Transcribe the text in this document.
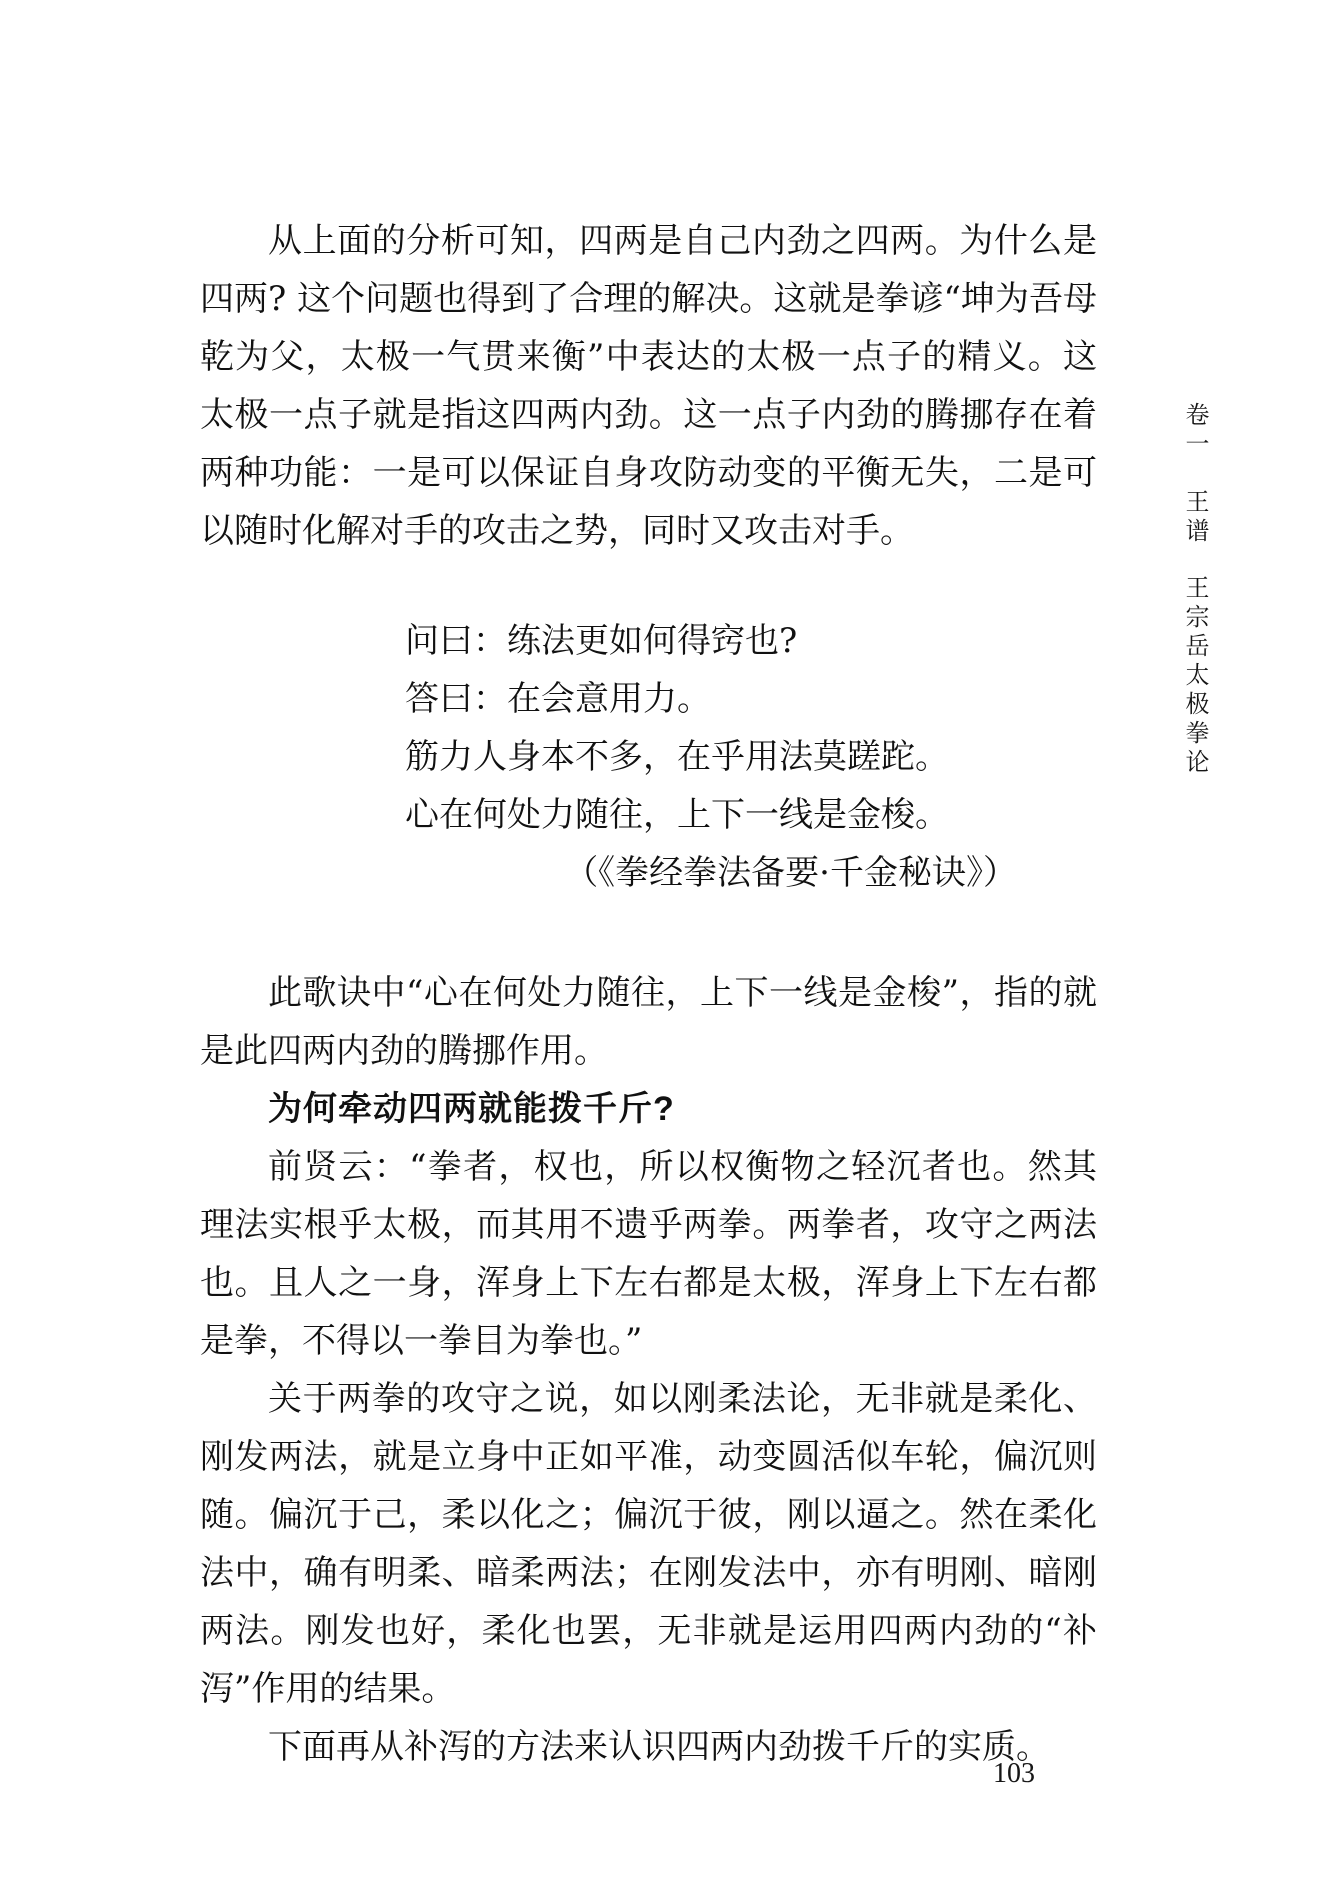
从上面的分析可知，四两是自己内劲之四两。为什么是四两? 这个问题也得到了合理的解决。这就是拳谚“坤为吾母乾为父，太极一气贯来衡”中表达的太极一点子的精义。这太极一点子就是指这四两内劲。这一点子内劲的腾挪存在着两种功能：一是可以保证自身攻防动变的平衡无失，二是可以随时化解对手的攻击之势，同时又攻击对手。

问曰：练法更如何得窍也?
答曰：在会意用力。
筋力人身本不多，在乎用法莫蹉跎。
心在何处力随往，上下一线是金梭。
（《拳经拳法备要·千金秘诀》）

此歌诀中“心在何处力随往，上下一线是金梭”，指的就是此四两内劲的腾挪作用。

为何牵动四两就能拨千斤?

前贤云：“拳者，权也，所以权衡物之轻沉者也。然其理法实根乎太极，而其用不遗乎两拳。两拳者，攻守之两法也。且人之一身，浑身上下左右都是太极，浑身上下左右都是拳，不得以一拳目为拳也。”

关于两拳的攻守之说，如以刚柔法论，无非就是柔化、刚发两法，就是立身中正如平准，动变圆活似车轮，偏沉则随。偏沉于己，柔以化之；偏沉于彼，刚以逼之。然在柔化法中，确有明柔、暗柔两法；在刚发法中，亦有明刚、暗刚两法。刚发也好，柔化也罢，无非就是运用四两内劲的“补泻”作用的结果。

下面再从补泻的方法来认识四两内劲拨千斤的实质。

卷一 王谱 王宗岳太极拳论
103
